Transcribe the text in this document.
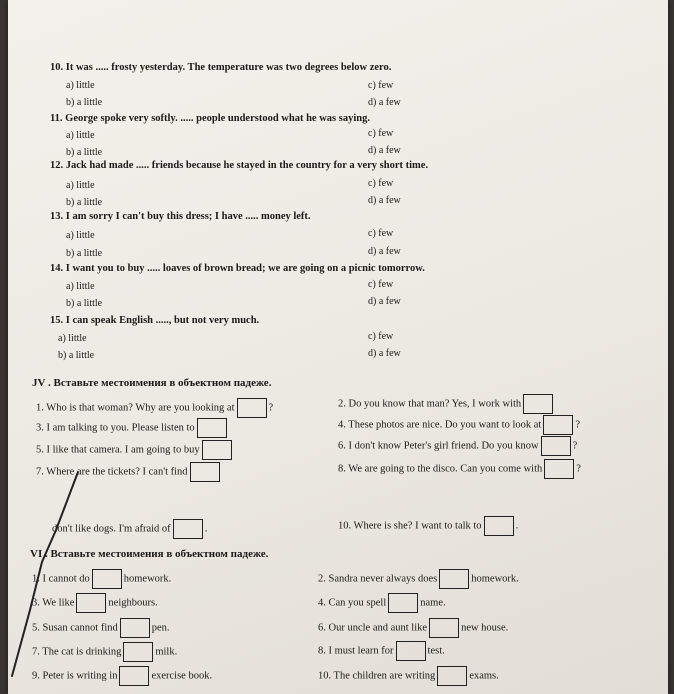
10. It was ..... frosty yesterday. The temperature was two degrees below zero.
a) little	c) few
b) a little	d) a few
11. George spoke very softly. ..... people understood what he was saying.
a) little	c) few
b) a little	d) a few
12. Jack had made ..... friends because he stayed in the country for a very short time.
a) little	c) few
b) a little	d) a few
13. I am sorry I can't buy this dress; I have ..... money left.
a) little	c) few
b) a little	d) a few
14. I want you to buy ..... loaves of brown bread; we are going on a picnic tomorrow.
a) little	c) few
b) a little	d) a few
15. I can speak English ....., but not very much.
a) little	c) few
b) a little	d) a few
JV . Вставьте местоимения в объектном падеже.
1. Who is that woman? Why are you looking at	?	2. Do you know that man? Yes, I work with
3. I am talking to you. Please listen to	4. These photos are nice. Do you want to look at	?
5. I like that camera. I am going to buy	6. I don't know Peter's girl friend. Do you know	?
7. Where are the tickets? I can't find	8. We are going to the disco. Can you come with	?
don't like dogs. I'm afraid of	.	10. Where is she? I want to talk to	.
VI . Вставьте местоимения в объектном падеже.
1. I cannot do	homework.	2. Sandra never always does	homework.
3. We like	neighbours.	4. Can you spell	name.
5. Susan cannot find	pen.	6. Our uncle and aunt like	new house.
7. The cat is drinking	milk.	8. I must learn for	test.
9. Peter is writing in	exercise book.	10. The children are writing	exams.
